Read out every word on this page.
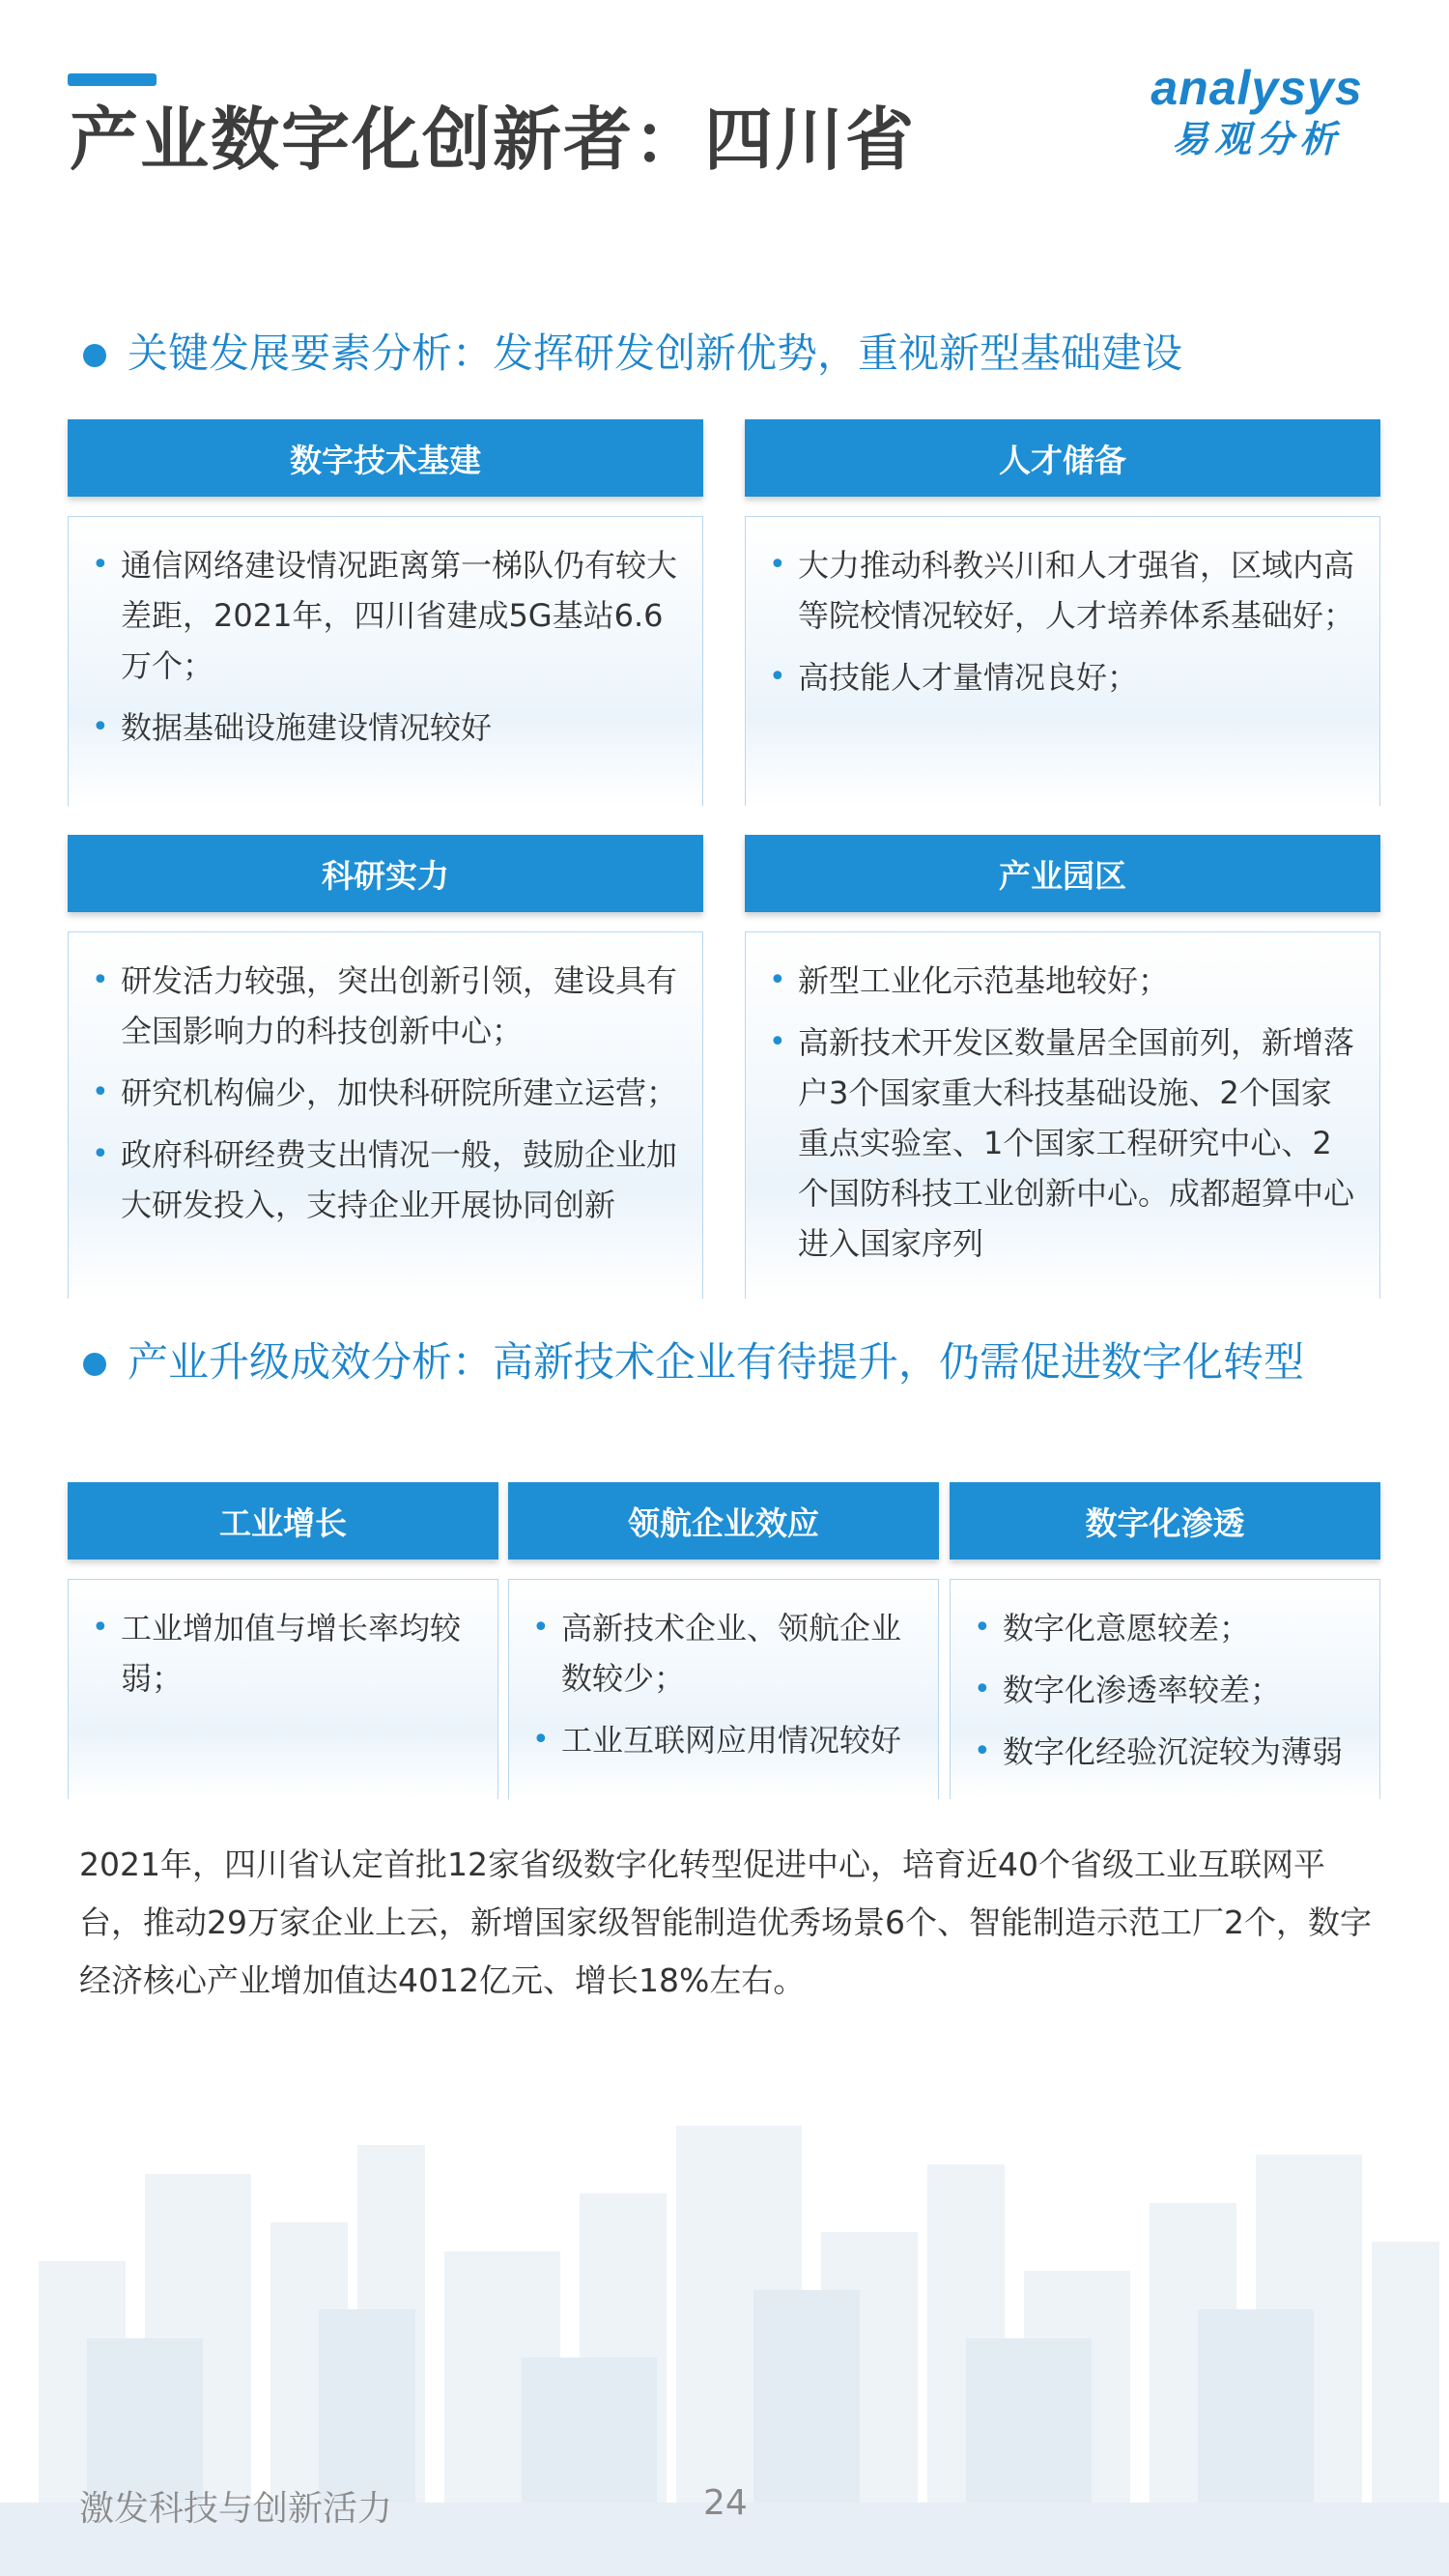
产业数字化创新者：四川省
analysys
易观分析
关键发展要素分析：发挥研发创新优势，重视新型基础建设
数字技术基建
• 通信网络建设情况距离第一梯队仍有较大差距，2021年，四川省建成5G基站6.6万个；
• 数据基础设施建设情况较好
人才储备
• 大力推动科教兴川和人才强省，区域内高等院校情况较好，人才培养体系基础好；
• 高技能人才量情况良好；
科研实力
• 研发活力较强，突出创新引领，建设具有全国影响力的科技创新中心；
• 研究机构偏少，加快科研院所建立运营；
• 政府科研经费支出情况一般，鼓励企业加大研发投入，支持企业开展协同创新
产业园区
• 新型工业化示范基地较好；
• 高新技术开发区数量居全国前列，新增落户3个国家重大科技基础设施、2个国家重点实验室、1个国家工程研究中心、2个国防科技工业创新中心。成都超算中心进入国家序列
产业升级成效分析：高新技术企业有待提升，仍需促进数字化转型
工业增长
• 工业增加值与增长率均较弱；
领航企业效应
• 高新技术企业、领航企业数较少；
• 工业互联网应用情况较好
数字化渗透
• 数字化意愿较差；
• 数字化渗透率较差；
• 数字化经验沉淀较为薄弱

2021年，四川省认定首批12家省级数字化转型促进中心，培育近40个省级工业互联网平台，推动29万家企业上云，新增国家级智能制造优秀场景6个、智能制造示范工厂2个，数字经济核心产业增加值达4012亿元、增长18%左右。

激发科技与创新活力	24
